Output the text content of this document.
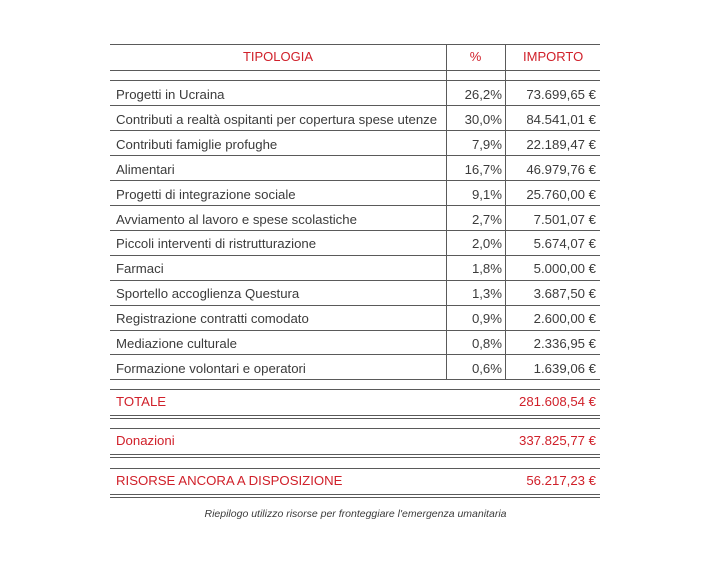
TIPOLOGIA	%	IMPORTO
Progetti in Ucraina	26,2%	73.699,65 €
Contributi a realtà ospitanti per copertura spese utenze	30,0%	84.541,01 €
Contributi famiglie profughe	7,9%	22.189,47 €
Alimentari	16,7%	46.979,76 €
Progetti di integrazione sociale	9,1%	25.760,00 €
Avviamento al lavoro e spese scolastiche	2,7%	7.501,07 €
Piccoli interventi di ristrutturazione	2,0%	5.674,07 €
Farmaci	1,8%	5.000,00 €
Sportello accoglienza Questura	1,3%	3.687,50 €
Registrazione contratti comodato	0,9%	2.600,00 €
Mediazione culturale	0,8%	2.336,95 €
Formazione volontari e operatori	0,6%	1.639,06 €
TOTALE	281.608,54 €
Donazioni	337.825,77 €
RISORSE ANCORA A DISPOSIZIONE	56.217,23 €
Riepilogo utilizzo risorse per fronteggiare l'emergenza umanitaria
